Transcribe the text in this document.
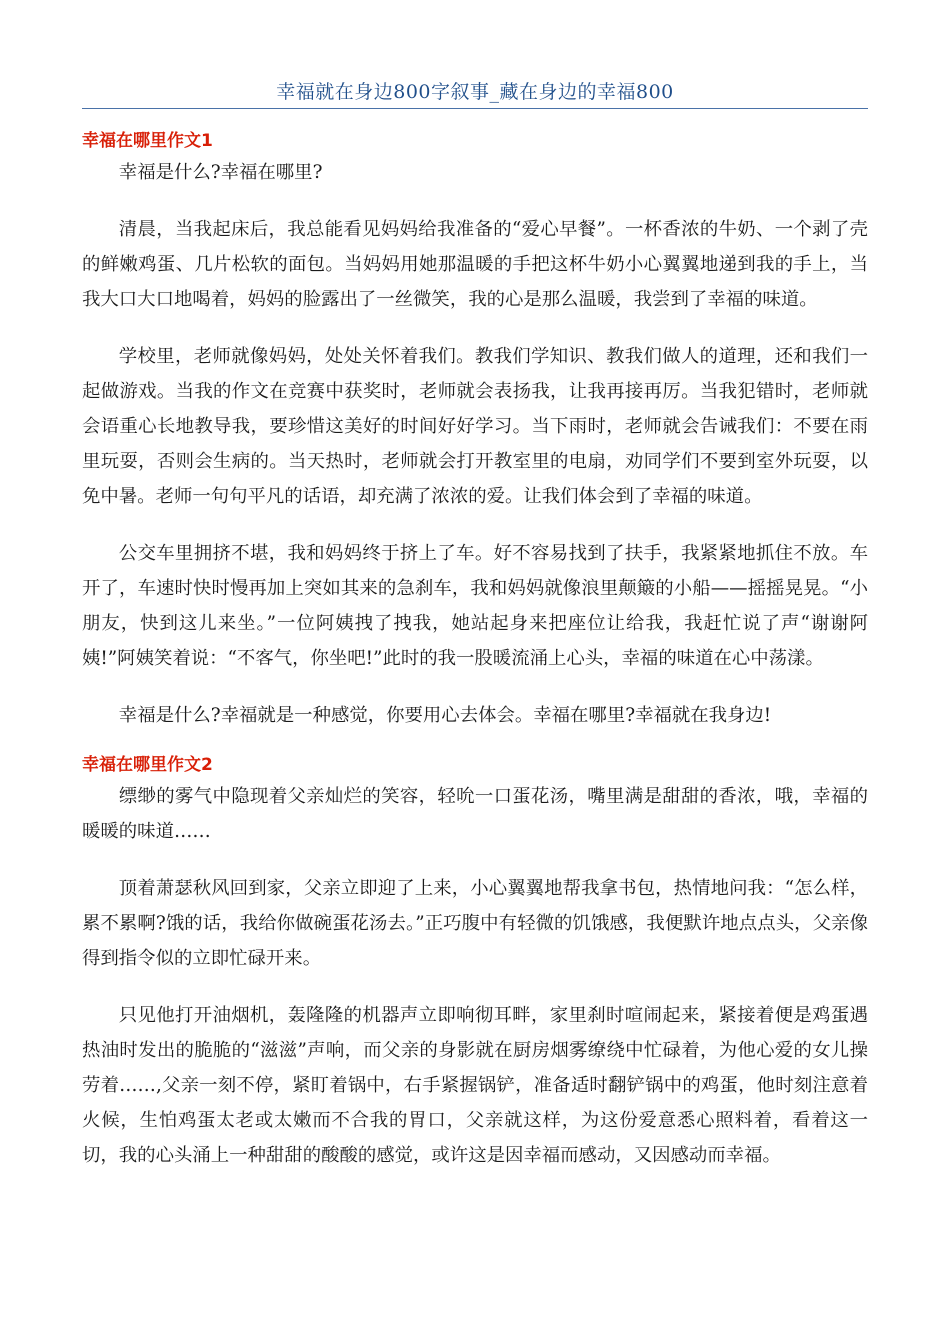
幸福就在身边800字叙事_藏在身边的幸福800
幸福在哪里作文1

幸福是什么?幸福在哪里?

清晨，当我起床后，我总能看见妈妈给我准备的“爱心早餐”。一杯香浓的牛奶、一个剥了壳的鲜嫩鸡蛋、几片松软的面包。当妈妈用她那温暖的手把这杯牛奶小心翼翼地递到我的手上，当我大口大口地喝着，妈妈的脸露出了一丝微笑，我的心是那么温暖，我尝到了幸福的味道。

学校里，老师就像妈妈，处处关怀着我们。教我们学知识、教我们做人的道理，还和我们一起做游戏。当我的作文在竞赛中获奖时，老师就会表扬我，让我再接再厉。当我犯错时，老师就会语重心长地教导我，要珍惜这美好的时间好好学习。当下雨时，老师就会告诫我们：不要在雨里玩耍，否则会生病的。当天热时，老师就会打开教室里的电扇，劝同学们不要到室外玩耍，以免中暑。老师一句句平凡的话语，却充满了浓浓的爱。让我们体会到了幸福的味道。

公交车里拥挤不堪，我和妈妈终于挤上了车。好不容易找到了扶手，我紧紧地抓住不放。车开了，车速时快时慢再加上突如其来的急刹车，我和妈妈就像浪里颠簸的小船——摇摇晃晃。“小朋友，快到这儿来坐。”一位阿姨拽了拽我，她站起身来把座位让给我，我赶忙说了声“谢谢阿姨!”阿姨笑着说：“不客气，你坐吧!”此时的我一股暖流涌上心头，幸福的味道在心中荡漾。

幸福是什么?幸福就是一种感觉，你要用心去体会。幸福在哪里?幸福就在我身边!

幸福在哪里作文2

缥缈的雾气中隐现着父亲灿烂的笑容，轻吮一口蛋花汤，嘴里满是甜甜的香浓，哦，幸福的暖暖的味道……

顶着萧瑟秋风回到家，父亲立即迎了上来，小心翼翼地帮我拿书包，热情地问我：“怎么样，累不累啊?饿的话，我给你做碗蛋花汤去。”正巧腹中有轻微的饥饿感，我便默许地点点头，父亲像得到指令似的立即忙碌开来。

只见他打开油烟机，轰隆隆的机器声立即响彻耳畔，家里刹时喧闹起来，紧接着便是鸡蛋遇热油时发出的脆脆的“滋滋”声响，而父亲的身影就在厨房烟雾缭绕中忙碌着，为他心爱的女儿操劳着……,父亲一刻不停，紧盯着锅中，右手紧握锅铲，准备适时翻铲锅中的鸡蛋，他时刻注意着火候，生怕鸡蛋太老或太嫩而不合我的胃口，父亲就这样，为这份爱意悉心照料着，看着这一切，我的心头涌上一种甜甜的酸酸的感觉，或许这是因幸福而感动，又因感动而幸福。
